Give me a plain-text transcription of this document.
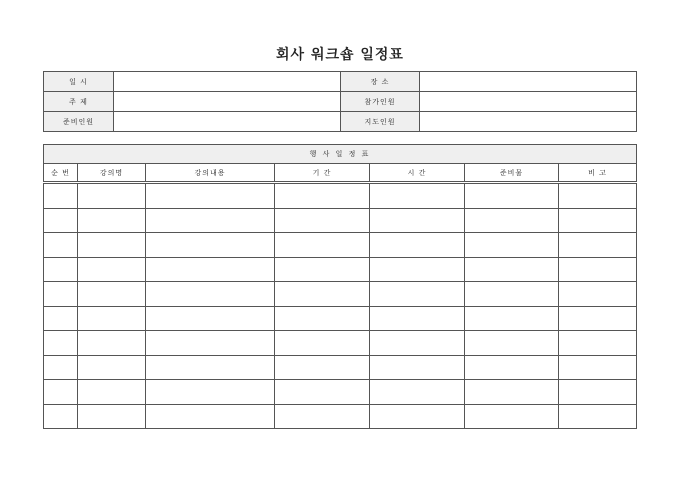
회사 워크숍 일정표
일 시		장 소	
주 제		참가인원	
준비인원		지도인원	
행 사 일 정 표						
순 번	강의명	강의내용	기 간	시 간	준비물	비 고
